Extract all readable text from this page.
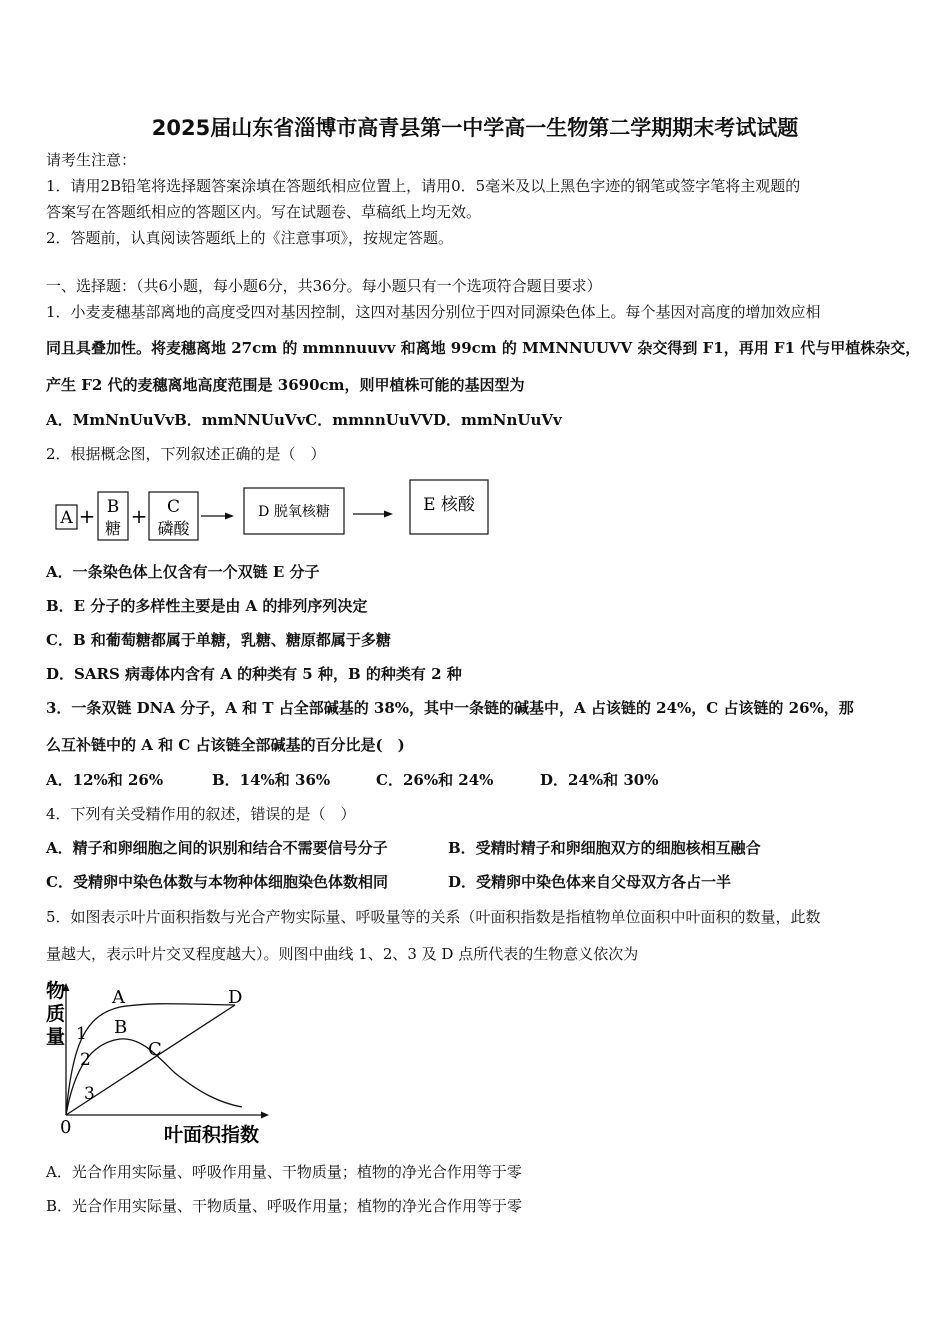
2025届山东省淄博市高青县第一中学高一生物第二学期期末考试试题
请考生注意：
1．请用2B铅笔将选择题答案涂填在答题纸相应位置上，请用0．5毫米及以上黑色字迹的钢笔或签字笔将主观题的
答案写在答题纸相应的答题区内。写在试题卷、草稿纸上均无效。
2．答题前，认真阅读答题纸上的《注意事项》，按规定答题。
一、选择题：（共6小题，每小题6分，共36分。每小题只有一个选项符合题目要求）
1．小麦麦穗基部离地的高度受四对基因控制，这四对基因分别位于四对同源染色体上。每个基因对高度的增加效应相
同且具叠加性。将麦穗离地 27cm 的 mmnnuuvv 和离地 99cm 的 MMNNUUVV 杂交得到 F1，再用 F1 代与甲植株杂交，
产生 F2 代的麦穗离地高度范围是 3690cm，则甲植株可能的基因型为
A．MmNnUuVvB．mmNNUuVvC．mmnnUuVVD．mmNnUuVv
2．根据概念图，下列叙述正确的是（　）
A + B
糖
+ C
磷酸
D 脱氧核糖	E 核酸
A．一条染色体上仅含有一个双链 E 分子
B．E 分子的多样性主要是由 A 的排列序列决定
C．B 和葡萄糖都属于单糖，乳糖、糖原都属于多糖
D．SARS 病毒体内含有 A 的种类有 5 种，B 的种类有 2 种
3．一条双链 DNA 分子，A 和 T 占全部碱基的 38%，其中一条链的碱基中，A 占该链的 24%，C 占该链的 26%，那
么互补链中的 A 和 C 占该链全部碱基的百分比是(　)
A．12%和 26%	B．14%和 36%	C．26%和 24%	D．24%和 30%
4．下列有关受精作用的叙述，错误的是（　）
A．精子和卵细胞之间的识别和结合不需要信号分子	B．受精时精子和卵细胞双方的细胞核相互融合
C．受精卵中染色体数与本物种体细胞染色体数相同	D．受精卵中染色体来自父母双方各占一半
5．如图表示叶片面积指数与光合产物实际量、呼吸量等的关系（叶面积指数是指植物单位面积中叶面积的数量，此数
量越大，表示叶片交叉程度越大）。则图中曲线 1、2、3 及 D 点所代表的生物意义依次为
物
质
量
叶面积指数
0
A
B
C
D
1
2
3
A．光合作用实际量、呼吸作用量、干物质量；植物的净光合作用等于零
B．光合作用实际量、干物质量、呼吸作用量；植物的净光合作用等于零
